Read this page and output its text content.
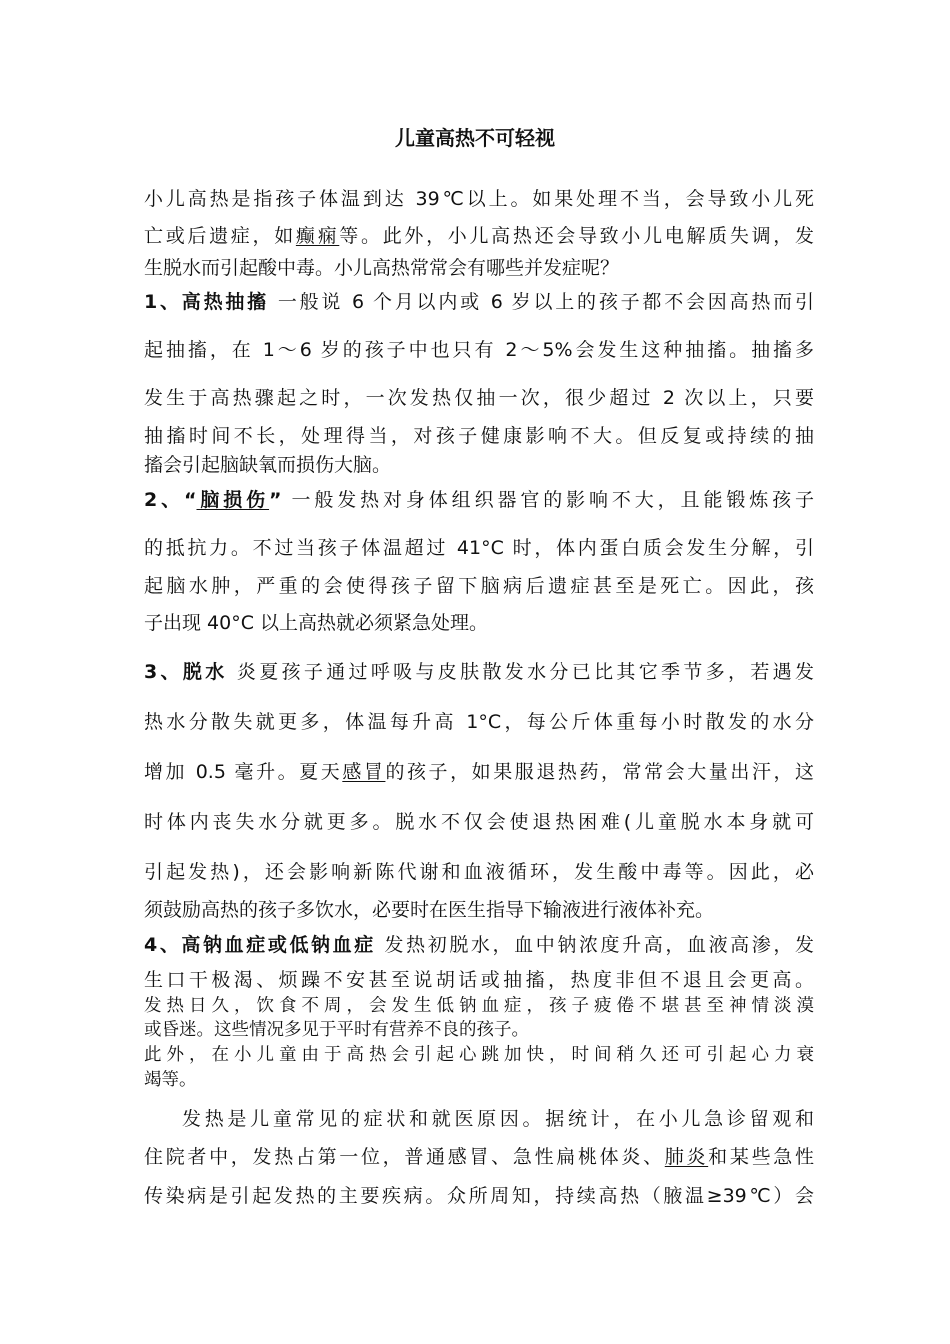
儿童高热不可轻视
小儿高热是指孩子体温到达 39℃以上。如果处理不当，会导致小儿死
亡或后遗症，如癫痫等。此外，小儿高热还会导致小儿电解质失调，发
生脱水而引起酸中毒。小儿高热常常会有哪些并发症呢？
1、高热抽搐 一般说 6 个月以内或 6 岁以上的孩子都不会因高热而引
起抽搐，在 1～6 岁的孩子中也只有 2～5%会发生这种抽搐。抽搐多
发生于高热骤起之时，一次发热仅抽一次，很少超过 2 次以上，只要
抽搐时间不长，处理得当，对孩子健康影响不大。但反复或持续的抽
搐会引起脑缺氧而损伤大脑。
2、“脑损伤” 一般发热对身体组织器官的影响不大，且能锻炼孩子
的抵抗力。不过当孩子体温超过 41°C 时，体内蛋白质会发生分解，引
起脑水肿，严重的会使得孩子留下脑病后遗症甚至是死亡。因此，孩
子出现 40°C 以上高热就必须紧急处理。
3、脱水 炎夏孩子通过呼吸与皮肤散发水分已比其它季节多，若遇发
热水分散失就更多，体温每升高 1°C，每公斤体重每小时散发的水分
增加 0.5 毫升。夏天感冒的孩子，如果服退热药，常常会大量出汗，这
时体内丧失水分就更多。脱水不仅会使退热困难(儿童脱水本身就可
引起发热)，还会影响新陈代谢和血液循环，发生酸中毒等。因此，必
须鼓励高热的孩子多饮水，必要时在医生指导下输液进行液体补充。
4、高钠血症或低钠血症 发热初脱水，血中钠浓度升高，血液高渗，发
生口干极渴、烦躁不安甚至说胡话或抽搐，热度非但不退且会更高。
发热日久，饮食不周，会发生低钠血症，孩子疲倦不堪甚至神情淡漠
或昏迷。这些情况多见于平时有营养不良的孩子。
此外，在小儿童由于高热会引起心跳加快，时间稍久还可引起心力衰
竭等。
发热是儿童常见的症状和就医原因。据统计，在小儿急诊留观和
住院者中，发热占第一位，普通感冒、急性扁桃体炎、肺炎和某些急性
传染病是引起发热的主要疾病。众所周知，持续高热（腋温≥39℃）会
